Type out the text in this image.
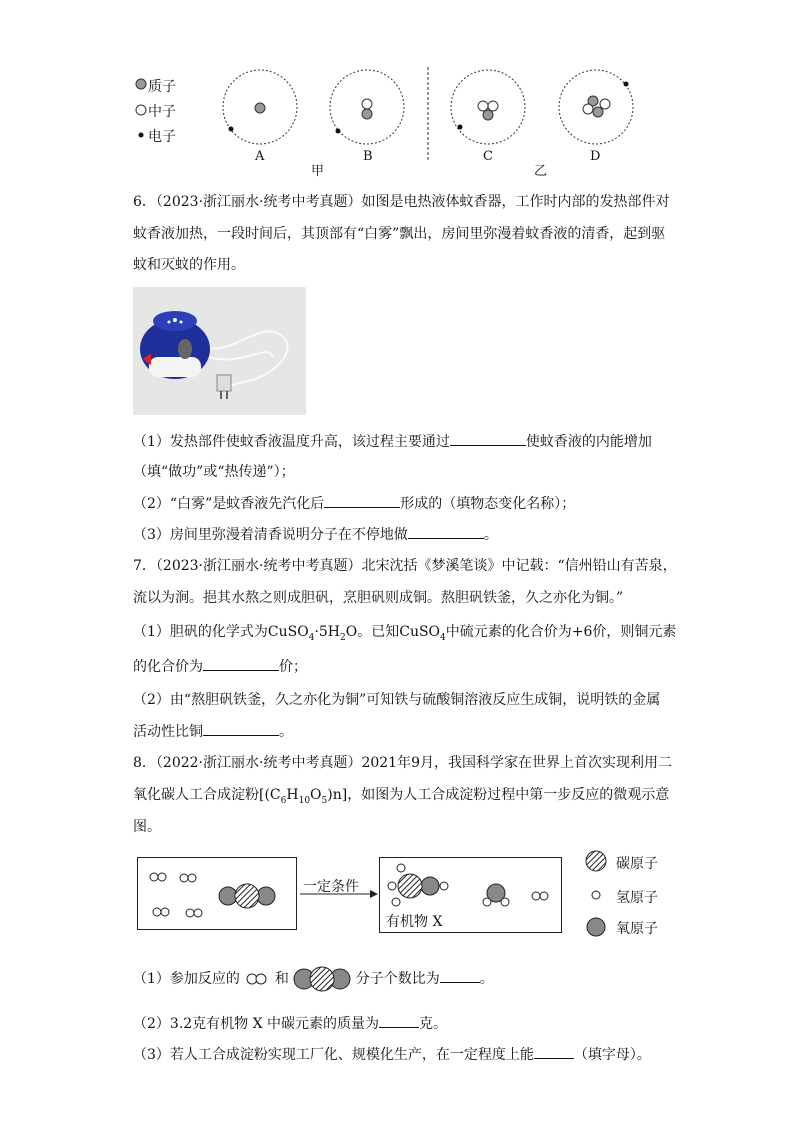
质子
中子
电子
A	B	C	D
甲	乙
6．（2023·浙江丽水·统考中考真题）如图是电热液体蚊香器，工作时内部的发热部件对
蚊香液加热，一段时间后，其顶部有“白雾”飘出，房间里弥漫着蚊香液的清香，起到驱
蚊和灭蚊的作用。
（1）发热部件使蚊香液温度升高，该过程主要通过	使蚊香液的内能增加
（填“做功”或“热传递”）；
（2）“白雾”是蚊香液先汽化后	形成的（填物态变化名称）；
（3）房间里弥漫着清香说明分子在不停地做	。
7．（2023·浙江丽水·统考中考真题）北宋沈括《梦溪笔谈》中记载：“信州铅山有苦泉，
流以为涧。挹其水熬之则成胆矾，烹胆矾则成铜。熬胆矾铁釜，久之亦化为铜。”
（1）胆矾的化学式为$CuSO_4\cdot 5H_2O$。已知CuSO$_4$中硫元素的化合价为+6价，则铜元素
的化合价为	价；
（2）由“熬胆矾铁釜，久之亦化为铜”可知铁与硫酸铜溶液反应生成铜，说明铁的金属
活动性比铜	。
8．（2022·浙江丽水·统考中考真题）2021年9月，我国科学家在世界上首次实现利用二
氧化碳人工合成淀粉$[(C_6H_{10}O_5)n]$，如图为人工合成淀粉过程中第一步反应的微观示意
图。
一定条件
有机物 X
碳原子
氢原子
氧原子
（1）参加反应的 和	分子个数比为	。
（2）3.2克有机物 X 中碳元素的质量为	克。
（3）若人工合成淀粉实现工厂化、规模化生产，在一定程度上能	（填字母）。
